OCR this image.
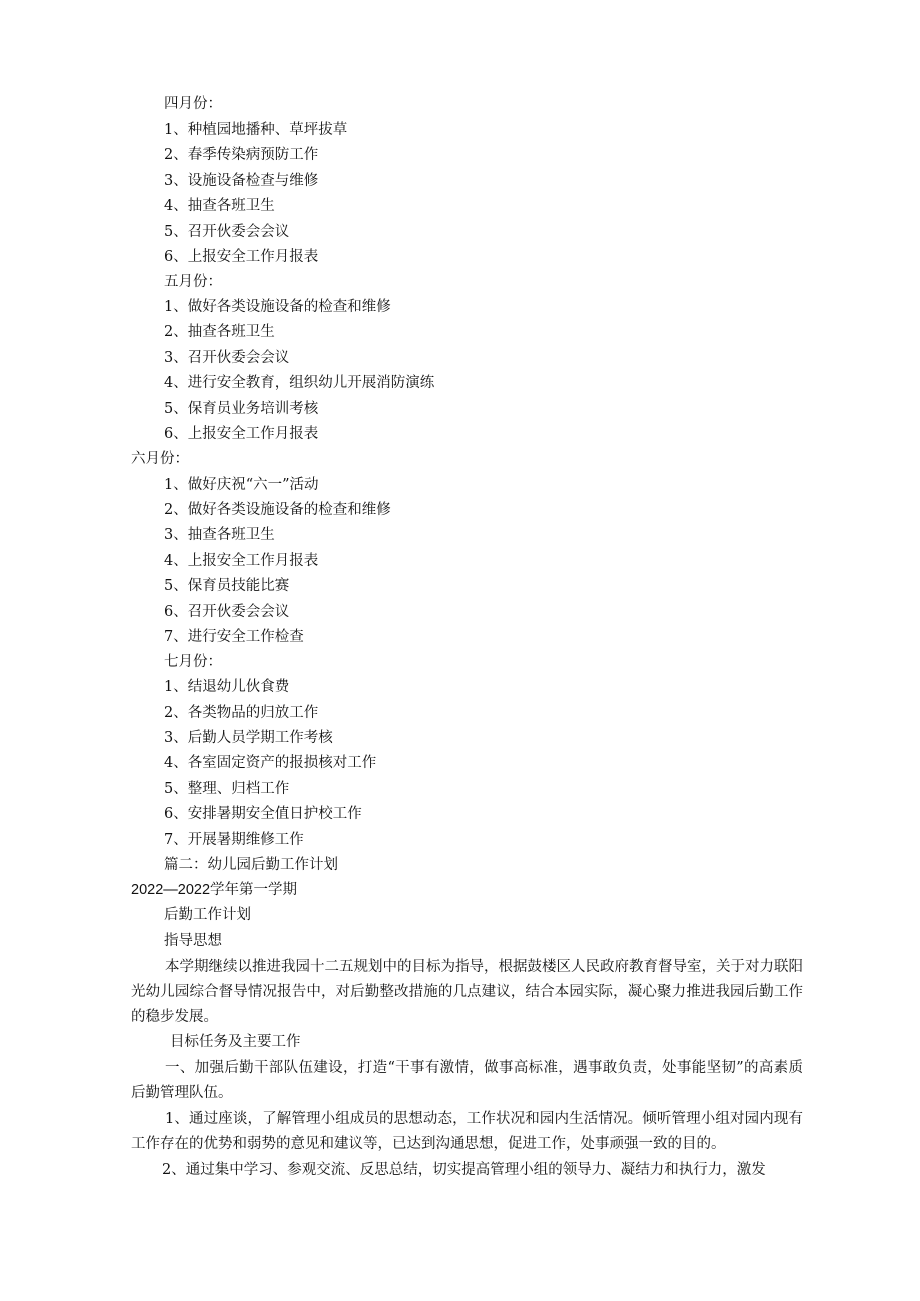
四月份：
1、种植园地播种、草坪拔草
2、春季传染病预防工作
3、设施设备检查与维修
4、抽查各班卫生
5、召开伙委会会议
6、上报安全工作月报表
五月份：
1、做好各类设施设备的检查和维修
2、抽查各班卫生
3、召开伙委会会议
4、进行安全教育，组织幼儿开展消防演练
5、保育员业务培训考核
6、上报安全工作月报表
六月份：
1、做好庆祝“六一”活动
2、做好各类设施设备的检查和维修
3、抽查各班卫生
4、上报安全工作月报表
5、保育员技能比赛
6、召开伙委会会议
7、进行安全工作检查
七月份：
1、结退幼儿伙食费
2、各类物品的归放工作
3、后勤人员学期工作考核
4、各室固定资产的报损核对工作
5、整理、归档工作
6、安排暑期安全值日护校工作
7、开展暑期维修工作
篇二：幼儿园后勤工作计划
2022—2022学年第一学期
后勤工作计划
指导思想
本学期继续以推进我园十二五规划中的目标为指导，根据鼓楼区人民政府教育督导室，关于对力联阳光幼儿园综合督导情况报告中，对后勤整改措施的几点建议，结合本园实际，凝心聚力推进我园后勤工作的稳步发展。
目标任务及主要工作
一、加强后勤干部队伍建设，打造“干事有激情，做事高标准，遇事敢负责，处事能坚韧”的高素质后勤管理队伍。
1、通过座谈，了解管理小组成员的思想动态，工作状况和园内生活情况。倾听管理小组对园内现有工作存在的优势和弱势的意见和建议等，已达到沟通思想，促进工作，处事顽强一致的目的。
2、通过集中学习、参观交流、反思总结，切实提高管理小组的领导力、凝结力和执行力，激发
